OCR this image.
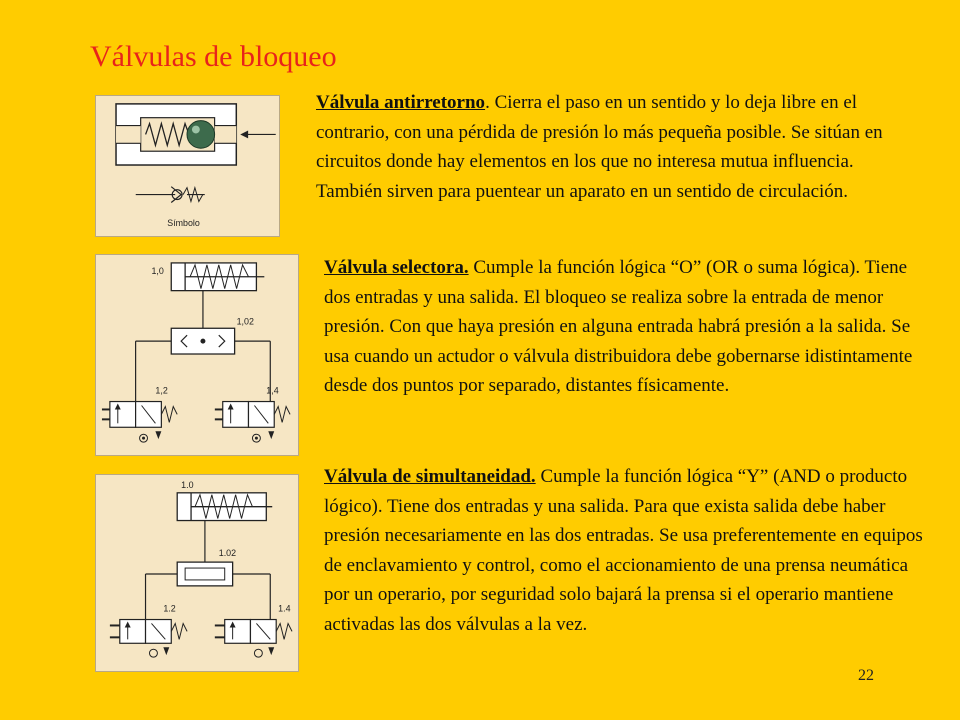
Válvulas de bloqueo
Símbolo
1,0
1,02
1,2	1,4
1.0
1.02
1.2	1.4

Válvula antirretorno. Cierra el paso en un sentido y lo deja libre en el contrario, con una pérdida de presión lo más pequeña posible. Se sitúan en circuitos donde hay elementos en los que no interesa mutua influencia. También sirven para puentear un aparato en un sentido de circulación.

Válvula selectora. Cumple la función lógica “O” (OR o suma lógica). Tiene dos entradas y una salida. El bloqueo se realiza sobre la entrada de menor presión. Con que haya presión en alguna entrada habrá presión a la salida. Se usa cuando un actudor o válvula distribuidora debe gobernarse idistintamente desde dos puntos por separado, distantes físicamente.

Válvula de simultaneidad. Cumple la función lógica “Y” (AND o producto lógico). Tiene dos entradas y una salida. Para que exista salida debe haber presión necesariamente en las dos entradas. Se usa preferentemente en equipos de enclavamiento y control, como el accionamiento de una prensa neumática por un operario, por seguridad solo bajará la prensa si el operario mantiene activadas las dos válvulas a la vez.

22
